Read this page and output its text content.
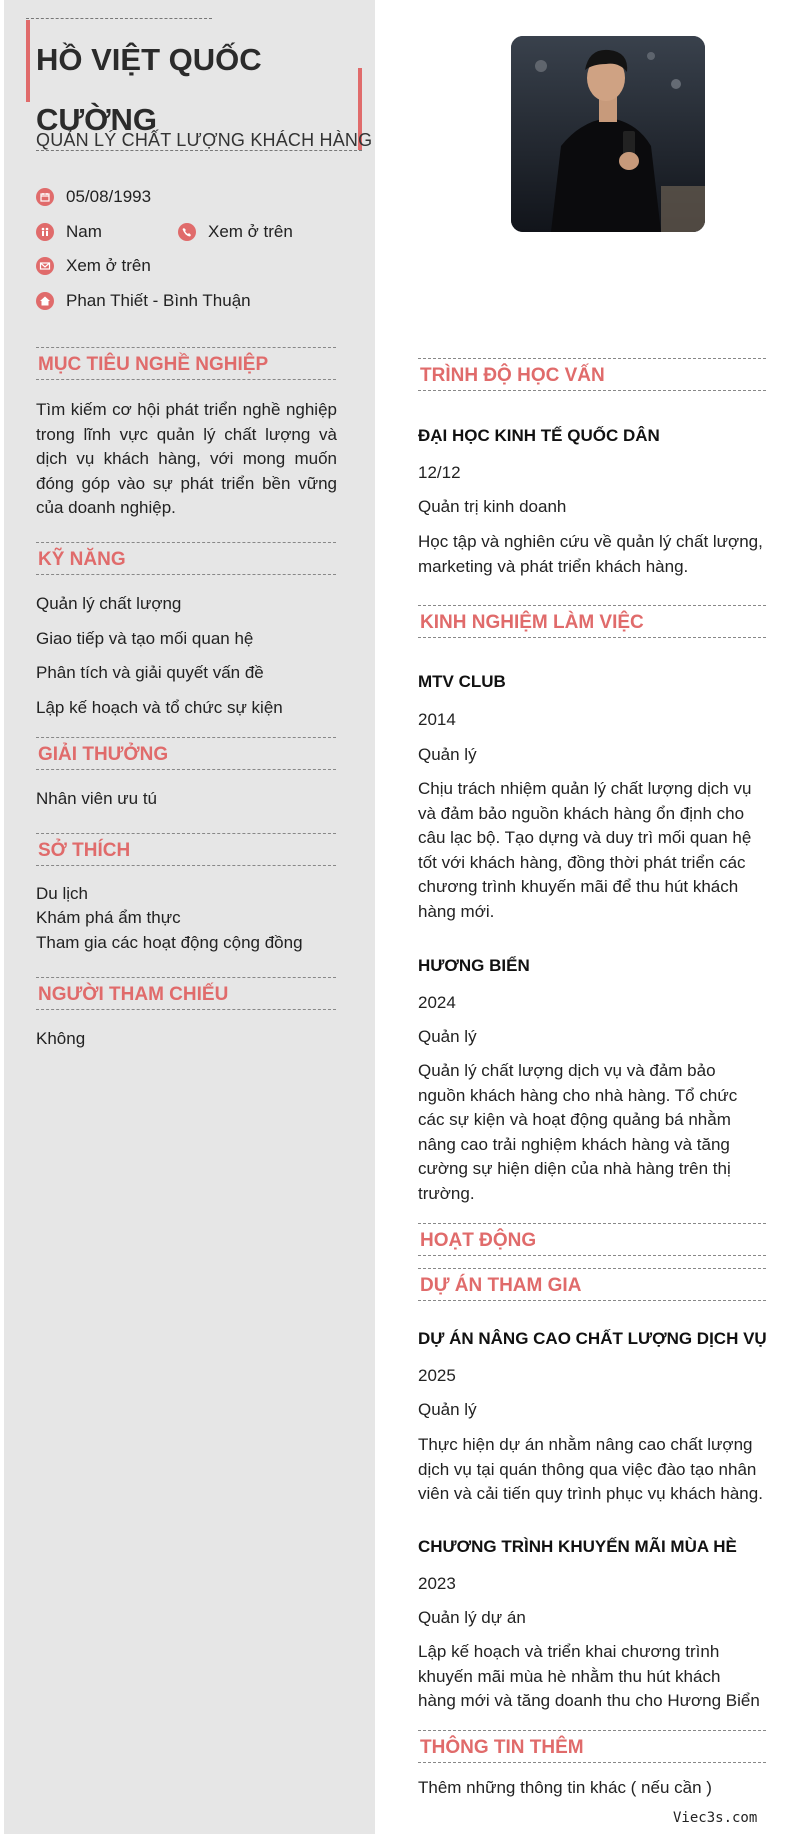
HỒ VIỆT QUỐC CƯỜNG
QUẢN LÝ CHẤT LƯỢNG KHÁCH HÀNG
05/08/1993
Nam	Xem ở trên
Xem ở trên
Phan Thiết - Bình Thuận
MỤC TIÊU NGHỀ NGHIỆP
Tìm kiếm cơ hội phát triển nghề nghiệp
trong lĩnh vực quản lý chất lượng và
dịch vụ khách hàng, với mong muốn
đóng góp vào sự phát triển bền vững
của doanh nghiệp.
KỸ NĂNG
Quản lý chất lượng
Giao tiếp và tạo mối quan hệ
Phân tích và giải quyết vấn đề
Lập kế hoạch và tổ chức sự kiện
GIẢI THƯỞNG
Nhân viên ưu tú
SỞ THÍCH
Du lịch
Khám phá ẩm thực
Tham gia các hoạt động cộng đồng
NGƯỜI THAM CHIẾU
Không
TRÌNH ĐỘ HỌC VẤN
ĐẠI HỌC KINH TẾ QUỐC DÂN
12/12
Quản trị kinh doanh
Học tập và nghiên cứu về quản lý chất lượng,
marketing và phát triển khách hàng.
KINH NGHIỆM LÀM VIỆC
MTV CLUB
2014
Quản lý
Chịu trách nhiệm quản lý chất lượng dịch vụ
và đảm bảo nguồn khách hàng ổn định cho
câu lạc bộ. Tạo dựng và duy trì mối quan hệ
tốt với khách hàng, đồng thời phát triển các
chương trình khuyến mãi để thu hút khách
hàng mới.
HƯƠNG BIỂN
2024
Quản lý
Quản lý chất lượng dịch vụ và đảm bảo
nguồn khách hàng cho nhà hàng. Tổ chức
các sự kiện và hoạt động quảng bá nhằm
nâng cao trải nghiệm khách hàng và tăng
cường sự hiện diện của nhà hàng trên thị
trường.
HOẠT ĐỘNG
DỰ ÁN THAM GIA
DỰ ÁN NÂNG CAO CHẤT LƯỢNG DỊCH VỤ
2025
Quản lý
Thực hiện dự án nhằm nâng cao chất lượng
dịch vụ tại quán thông qua việc đào tạo nhân
viên và cải tiến quy trình phục vụ khách hàng.
CHƯƠNG TRÌNH KHUYẾN MÃI MÙA HÈ
2023
Quản lý dự án
Lập kế hoạch và triển khai chương trình
khuyến mãi mùa hè nhằm thu hút khách
hàng mới và tăng doanh thu cho Hương Biển
THÔNG TIN THÊM
Thêm những thông tin khác ( nếu cần )
Viec3s.com
